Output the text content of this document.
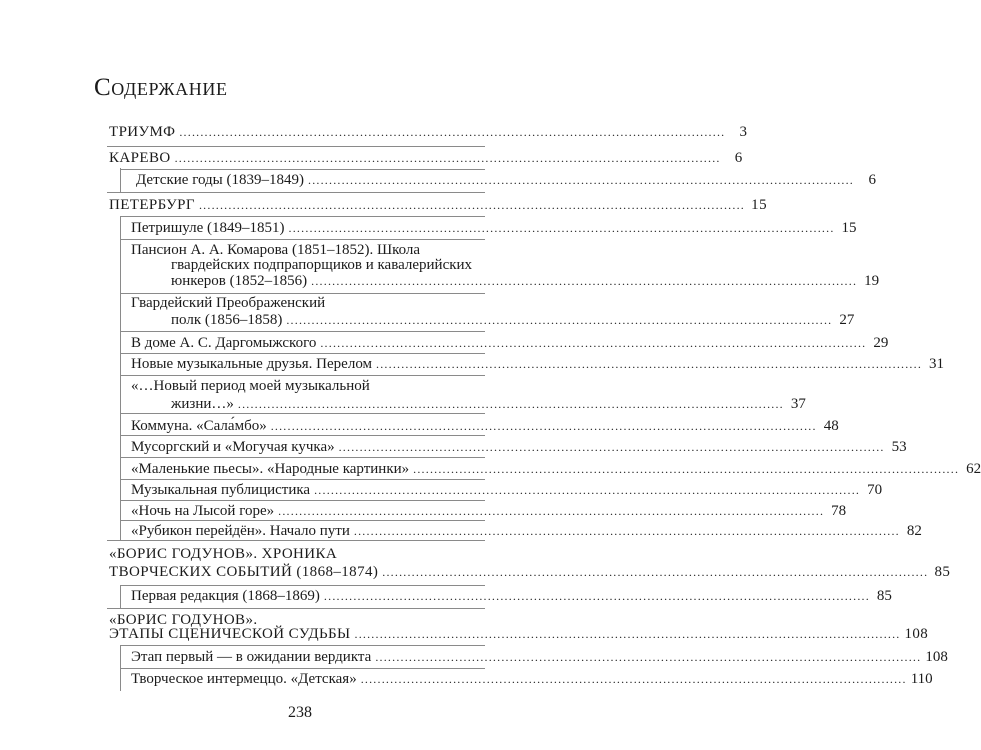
Содержание
ТРИУМФ .................................................................................................................................. 3
КАРЕВО .................................................................................................................................. 6
Детские годы (1839–1849) .................................................................................................................................. 6
ПЕТЕРБУРГ .................................................................................................................................. 15
Петришуле (1849–1851) .................................................................................................................................. 15
Пансион А. А. Комарова (1851–1852). Школа
гвардейских подпрапорщиков и кавалерийских
юнкеров (1852–1856) .................................................................................................................................. 19
Гвардейский Преображенский
полк (1856–1858) .................................................................................................................................. 27
В доме А. С. Даргомыжского .................................................................................................................................. 29
Новые музыкальные друзья. Перелом .................................................................................................................................. 31
«…Новый период моей музыкальной
жизни…» .................................................................................................................................. 37
Коммуна. «Сала́мбо» .................................................................................................................................. 48
Мусоргский и «Могучая кучка» .................................................................................................................................. 53
«Маленькие пьесы». «Народные картинки» .................................................................................................................................. 62
Музыкальная публицистика .................................................................................................................................. 70
«Ночь на Лысой горе» .................................................................................................................................. 78
«Рубикон перейдён». Начало пути .................................................................................................................................. 82
«БОРИС ГОДУНОВ». ХРОНИКА
ТВОРЧЕСКИХ СОБЫТИЙ (1868–1874) .................................................................................................................................. 85
Первая редакция (1868–1869) .................................................................................................................................. 85
«БОРИС ГОДУНОВ».
ЭТАПЫ СЦЕНИЧЕСКОЙ СУДЬБЫ .................................................................................................................................. 108
Этап первый — в ожидании вердикта .................................................................................................................................. 108
Творческое интермеццо. «Детская» .................................................................................................................................. 110
238
